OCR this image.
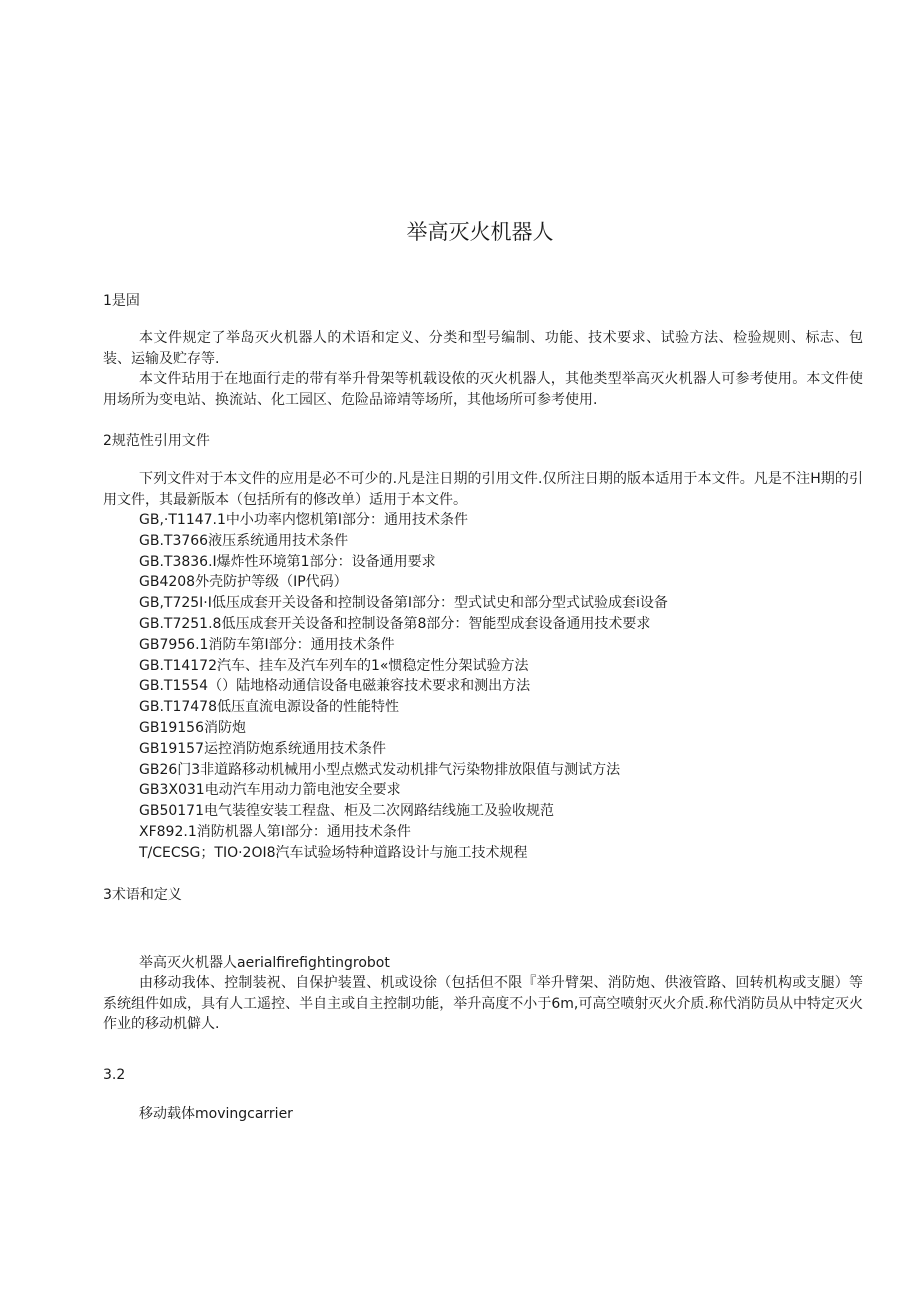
举高灭火机器人
1是固

本文件规定了举岛灭火机器人的术语和定义、分类和型号编制、功能、技术要求、试验方法、检验规则、标志、包装、运输及贮存等.

本文件玷用于在地面行走的带有举升骨架等机载设侬的灭火机器人，其他类型举高灭火机器人可参考使用。本文件使用场所为变电站、换流站、化工园区、危险品谛靖等场所，其他场所可参考使用.

2规范性引用文件

下列文件对于本文件的应用是必不可少的.凡是注日期的引用文件.仅所注日期的版本适用于本文件。凡是不注H期的引用文件，其最新版本（包括所有的修改单）适用于本文件。

GB,·T1147.1中小功率内惚机第I部分：通用技术条件
GB.T3766液压系统通用技术条件
GB.T3836.I爆炸性环境第1部分：设备通用要求
GB4208外壳防护等级（IP代码）
GB,T725I·I低压成套开关设备和控制设备第I部分：型式试史和部分型式试验成套i设备
GB.T7251.8低压成套开关设备和控制设备第8部分：智能型成套设备通用技术要求
GB7956.1消防车第I部分：通用技术条件
GB.T14172汽车、挂车及汽车列车的1«惯稳定性分架试验方法
GB.T1554（）陆地格动通信设备电磁兼容技术要求和测出方法
GB.T17478低压直流电源设备的性能特性
GB19156消防炮
GB19157运控消防炮系统通用技术条件
GB26门3非道路移动机械用小型点燃式发动机排气污染物排放限值与测试方法
GB3X031电动汽车用动力箭电池安全要求
GB50171电气装徨安装工程盘、柜及二次网路结线施工及验收规范
XF892.1消防机器人第I部分：通用技术条件
T/CECSG；TIO·2OI8汽车试验场特种道路设计与施工技术规程
3术语和定义

举高灭火机器人aerialfirefightingrobot

由移动我体、控制装祝、自保护装置、机或设徐（包括但不限『举升臂架、消防炮、供液管路、回转机构或支腿）等系统组件如成，具有人工遥控、半自主或自主控制功能，举升高度不小于6m,可高空喷射灭火介质.称代消防员从中特定灭火作业的移动机僻人.

3.2

移动载体movingcarrier
